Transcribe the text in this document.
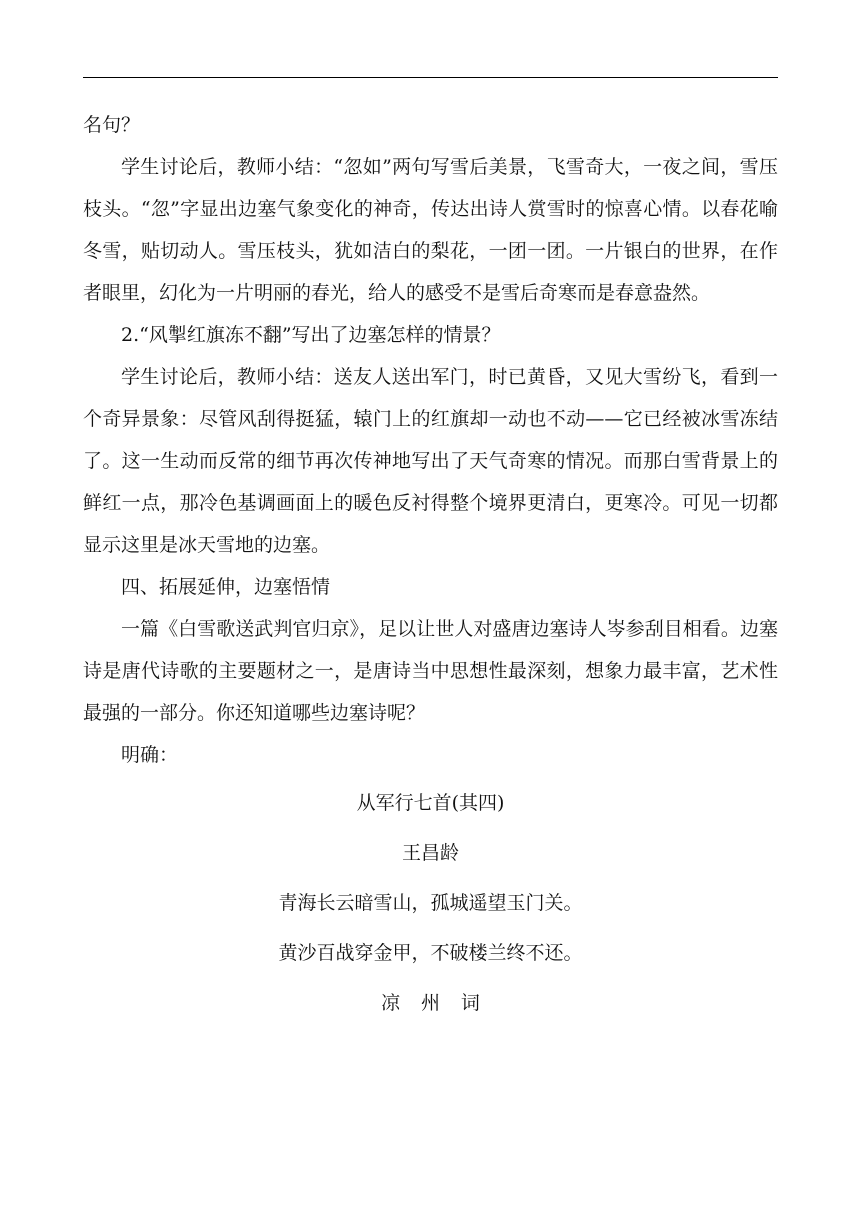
名句？

学生讨论后，教师小结：“忽如”两句写雪后美景，飞雪奇大，一夜之间，雪压枝头。“忽”字显出边塞气象变化的神奇，传达出诗人赏雪时的惊喜心情。以春花喻冬雪，贴切动人。雪压枝头，犹如洁白的梨花，一团一团。一片银白的世界，在作者眼里，幻化为一片明丽的春光，给人的感受不是雪后奇寒而是春意盎然。

2.“风掣红旗冻不翻”写出了边塞怎样的情景？

学生讨论后，教师小结：送友人送出军门，时已黄昏，又见大雪纷飞，看到一个奇异景象：尽管风刮得挺猛，辕门上的红旗却一动也不动——它已经被冰雪冻结了。这一生动而反常的细节再次传神地写出了天气奇寒的情况。而那白雪背景上的鲜红一点，那冷色基调画面上的暖色反衬得整个境界更清白，更寒冷。可见一切都显示这里是冰天雪地的边塞。

四、拓展延伸，边塞悟情

一篇《白雪歌送武判官归京》，足以让世人对盛唐边塞诗人岑参刮目相看。边塞诗是唐代诗歌的主要题材之一，是唐诗当中思想性最深刻，想象力最丰富，艺术性最强的一部分。你还知道哪些边塞诗呢？

明确：

从军行七首(其四)

王昌龄

青海长云暗雪山，孤城遥望玉门关。

黄沙百战穿金甲，不破楼兰终不还。

凉州词
